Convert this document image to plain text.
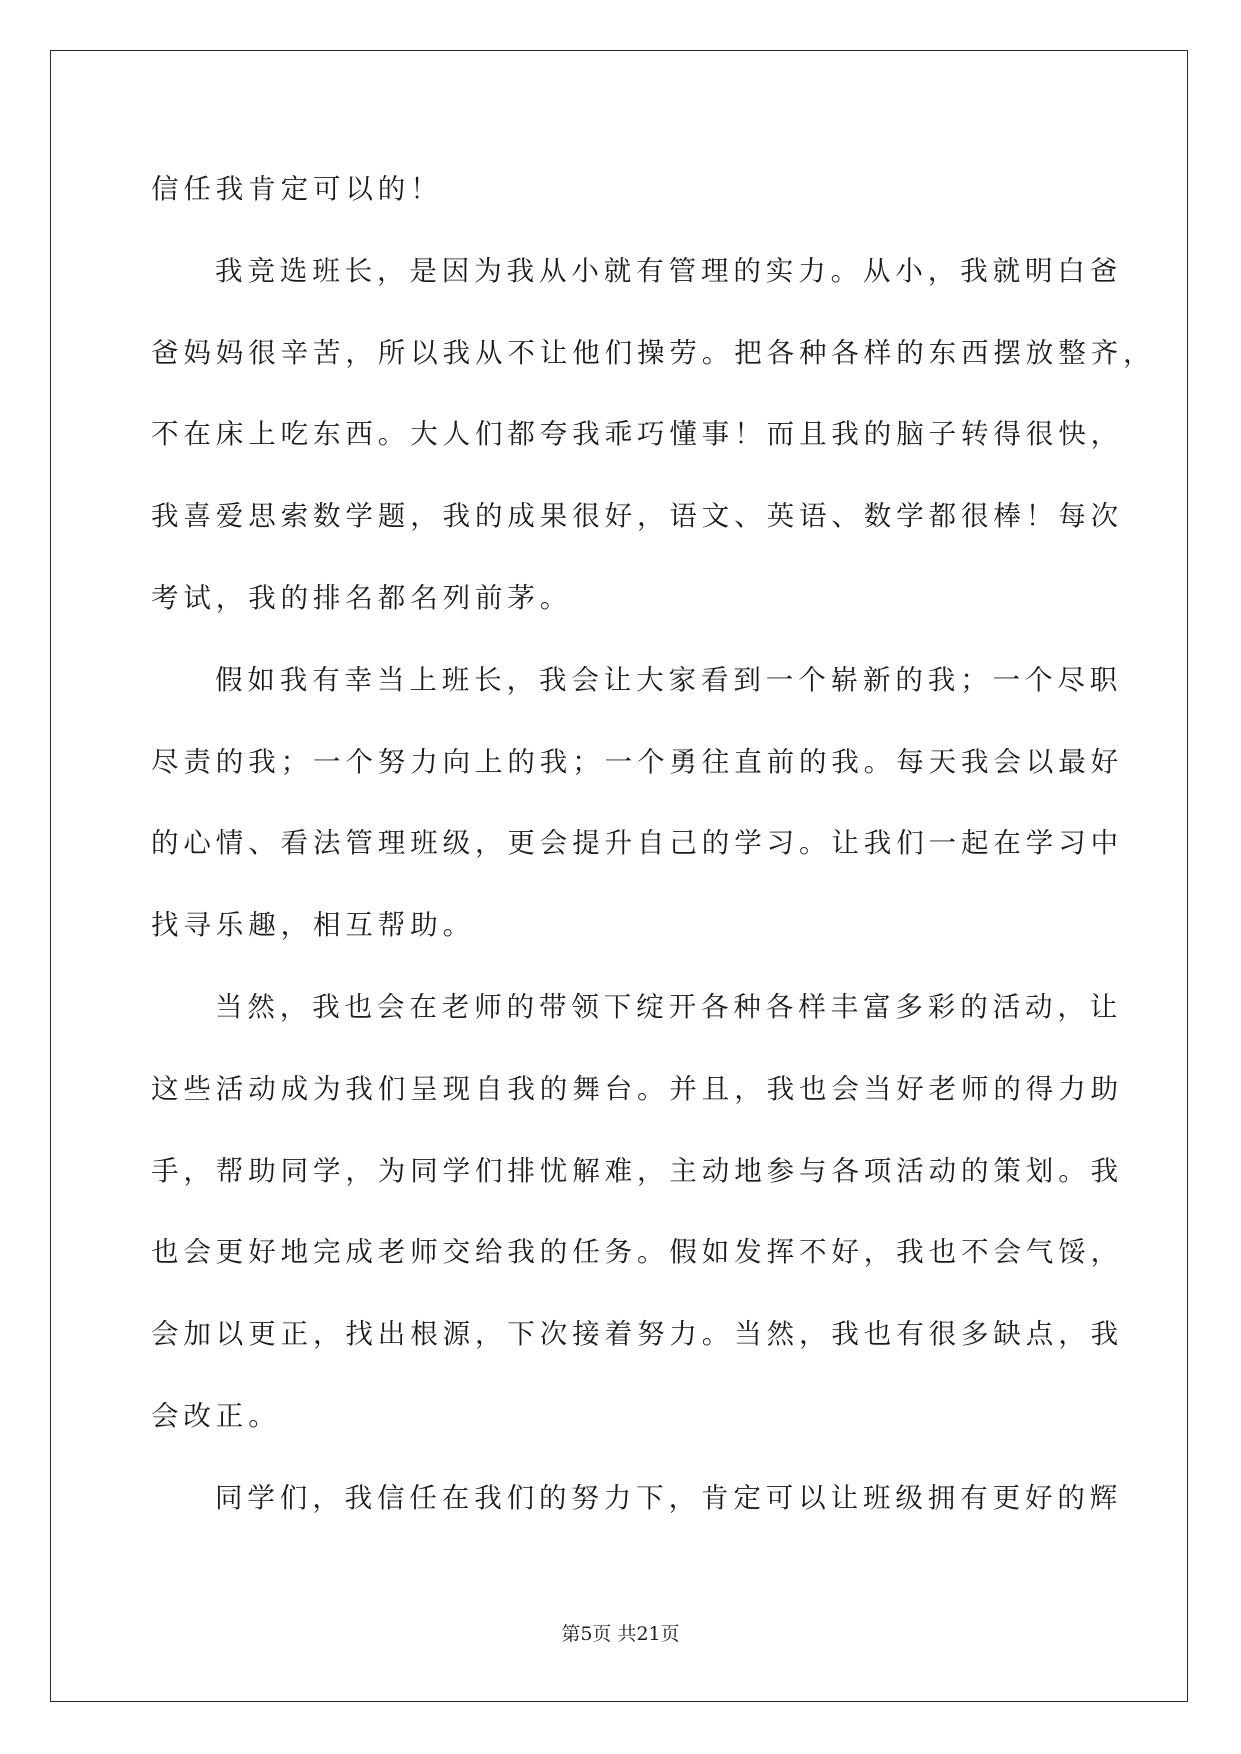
信任我肯定可以的！
我竞选班长，是因为我从小就有管理的实力。从小，我就明白爸
爸妈妈很辛苦，所以我从不让他们操劳。把各种各样的东西摆放整齐，
不在床上吃东西。大人们都夸我乖巧懂事！而且我的脑子转得很快，
我喜爱思索数学题，我的成果很好，语文、英语、数学都很棒！每次
考试，我的排名都名列前茅。
假如我有幸当上班长，我会让大家看到一个崭新的我；一个尽职
尽责的我；一个努力向上的我；一个勇往直前的我。每天我会以最好
的心情、看法管理班级，更会提升自己的学习。让我们一起在学习中
找寻乐趣，相互帮助。
当然，我也会在老师的带领下绽开各种各样丰富多彩的活动，让
这些活动成为我们呈现自我的舞台。并且，我也会当好老师的得力助
手，帮助同学，为同学们排忧解难，主动地参与各项活动的策划。我
也会更好地完成老师交给我的任务。假如发挥不好，我也不会气馁，
会加以更正，找出根源，下次接着努力。当然，我也有很多缺点，我
会改正。
同学们，我信任在我们的努力下，肯定可以让班级拥有更好的辉
第5页 共21页
